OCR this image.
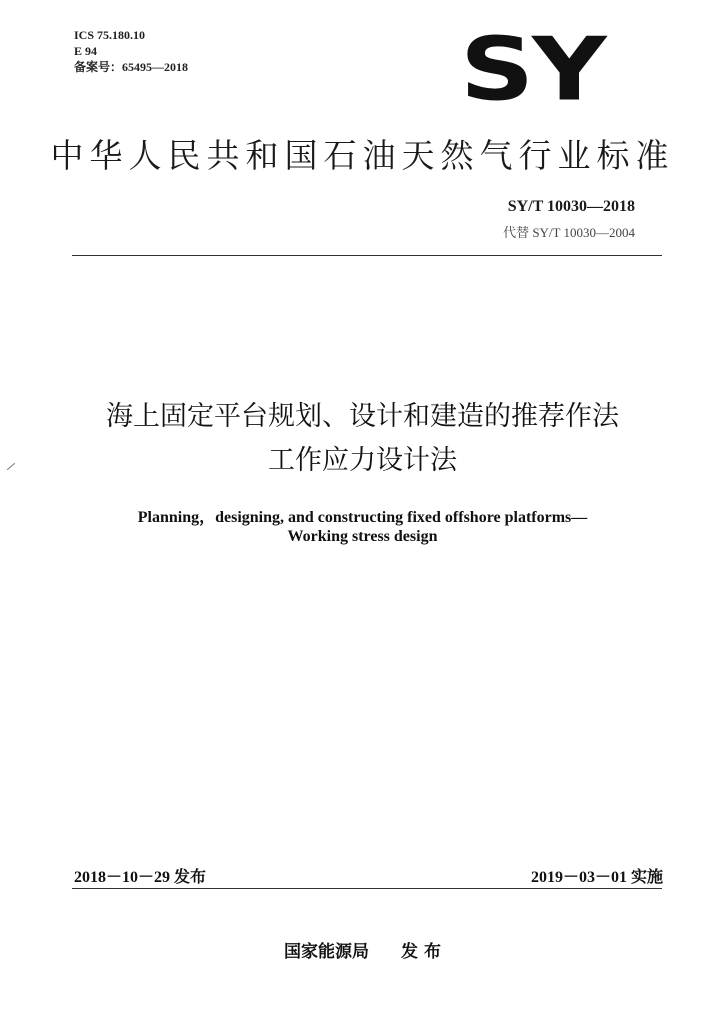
ICS 75.180.10
E 94
备案号：65495—2018	SY
中华人民共和国石油天然气行业标准
SY/T 10030—2018
代替 SY/T 10030—2004
海上固定平台规划、设计和建造的推荐作法
工作应力设计法
Planning，designing, and constructing fixed offshore platforms—
Working stress design
2018－10－29 发布	2019－03－01 实施
国家能源局 发 布
